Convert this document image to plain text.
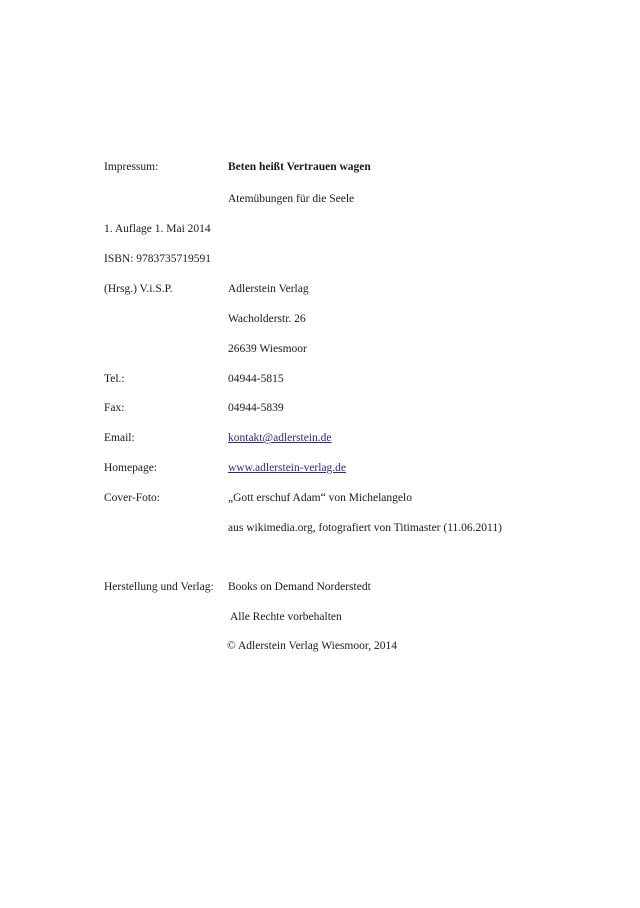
Impressum:	Beten heißt Vertrauen wagen
Atemübungen für die Seele
1. Auflage 1. Mai 2014
ISBN: 9783735719591
(Hrsg.) V.i.S.P.	Adlerstein Verlag
Wacholderstr. 26
26639 Wiesmoor
Tel.:	04944-5815
Fax:	04944-5839
Email:	kontakt@adlerstein.de
Homepage:	www.adlerstein-verlag.de
Cover-Foto:	„Gott erschuf Adam“ von Michelangelo
aus wikimedia.org, fotografiert von Titimaster (11.06.2011)
Herstellung und Verlag: Books on Demand Norderstedt
Alle Rechte vorbehalten
© Adlerstein Verlag Wiesmoor, 2014
